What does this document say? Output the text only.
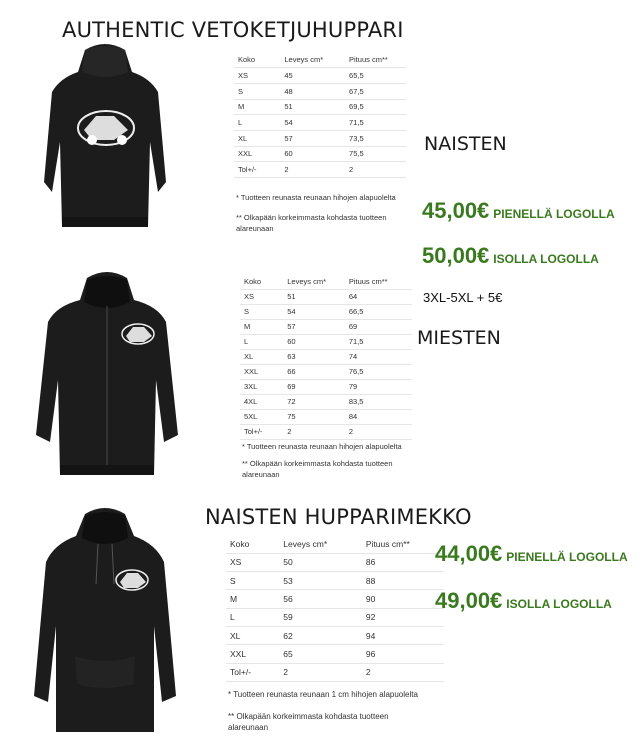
AUTHENTIC VETOKETJUHUPPARI
Koko	Leveys cm*	Pituus cm**
XS	45	65,5
S	48	67,5
M	51	69,5
L	54	71,5
XL	57	73,5
XXL	60	75,5
Tol+/-	2	2
* Tuotteen reunasta reunaan hihojen alapuolelta
** Olkapään korkeimmasta kohdasta tuotteen alareunaan
NAISTEN
45,00€ PIENELLÄ LOGOLLA
50,00€ ISOLLA LOGOLLA
3XL-5XL + 5€
Koko	Leveys cm*	Pituus cm**
XS	51	64
S	54	66,5
M	57	69
L	60	71,5
XL	63	74
XXL	66	76,5
3XL	69	79
4XL	72	83,5
5XL	75	84
Tol+/-	2	2
* Tuotteen reunasta reunaan hihojen alapuolelta
** Olkapään korkeimmasta kohdasta tuotteen alareunaan
MIESTEN
NAISTEN HUPPARIMEKKO
Koko	Leveys cm*	Pituus cm**
XS	50	86
S	53	88
M	56	90
L	59	92
XL	62	94
XXL	65	96
Tol+/-	2	2
* Tuotteen reunasta reunaan 1 cm hihojen alapuolelta
** Olkapään korkeimmasta kohdasta tuotteen alareunaan
44,00€ PIENELLÄ LOGOLLA
49,00€ ISOLLA LOGOLLA
